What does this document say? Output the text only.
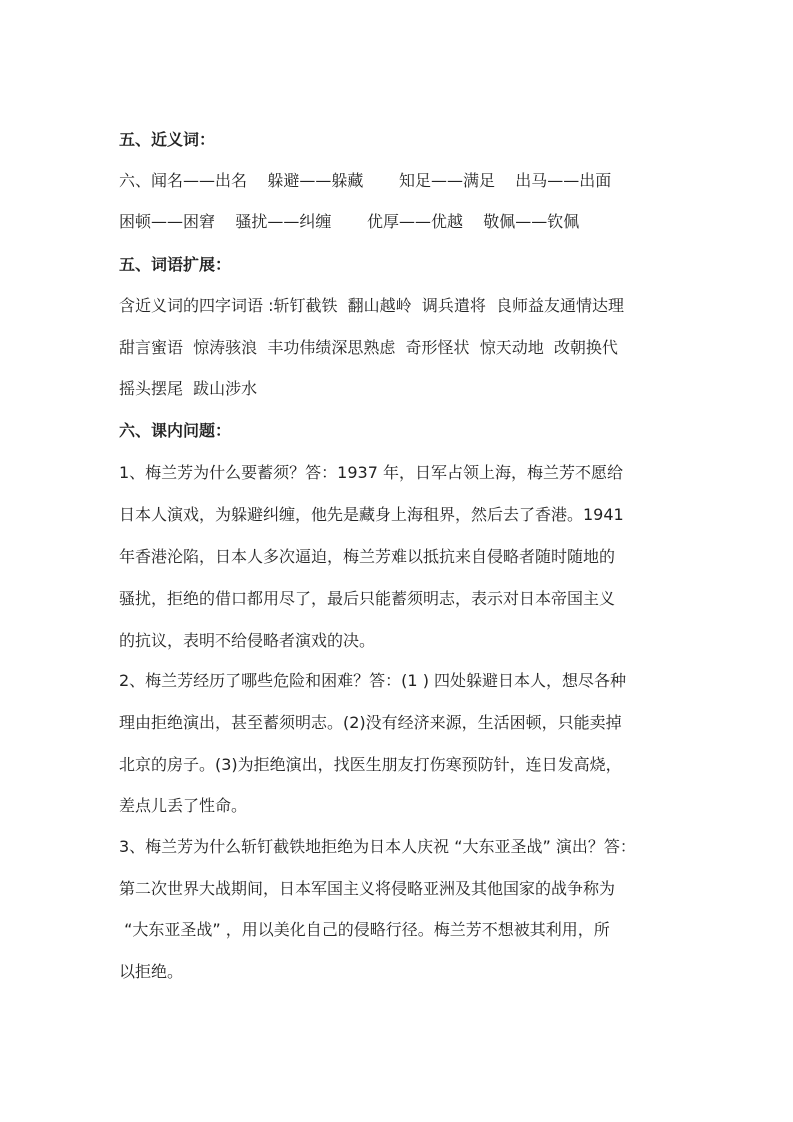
五、近义词：

六、闻名——出名    躲避——躲藏       知足——满足    出马——出面

困顿——困窘    骚扰——纠缠       优厚——优越    敬佩——钦佩

五、词语扩展：

含近义词的四字词语 :斩钉截铁  翻山越岭  调兵遣将  良师益友通情达理

甜言蜜语  惊涛骇浪  丰功伟绩深思熟虑  奇形怪状  惊天动地  改朝换代

摇头摆尾  跋山涉水

六、课内问题：

1、梅兰芳为什么要蓄须？答：1937 年，日军占领上海，梅兰芳不愿给

日本人演戏，为躲避纠缠，他先是藏身上海租界，然后去了香港。1941

年香港沦陷，日本人多次逼迫，梅兰芳难以抵抗来自侵略者随时随地的

骚扰，拒绝的借口都用尽了，最后只能蓄须明志，表示对日本帝国主义

的抗议，表明不给侵略者演戏的决。

2、梅兰芳经历了哪些危险和困难？答：(1 ) 四处躲避日本人，想尽各种

理由拒绝演出，甚至蓄须明志。(2)没有经济来源，生活困顿，只能卖掉

北京的房子。(3)为拒绝演出，找医生朋友打伤寒预防针，连日发高烧，

差点儿丢了性命。

3、梅兰芳为什么斩钉截铁地拒绝为日本人庆祝 “大东亚圣战” 演出？答：

第二次世界大战期间，日本军国主义将侵略亚洲及其他国家的战争称为

“大东亚圣战” ，用以美化自己的侵略行径。梅兰芳不想被其利用，所

以拒绝。
